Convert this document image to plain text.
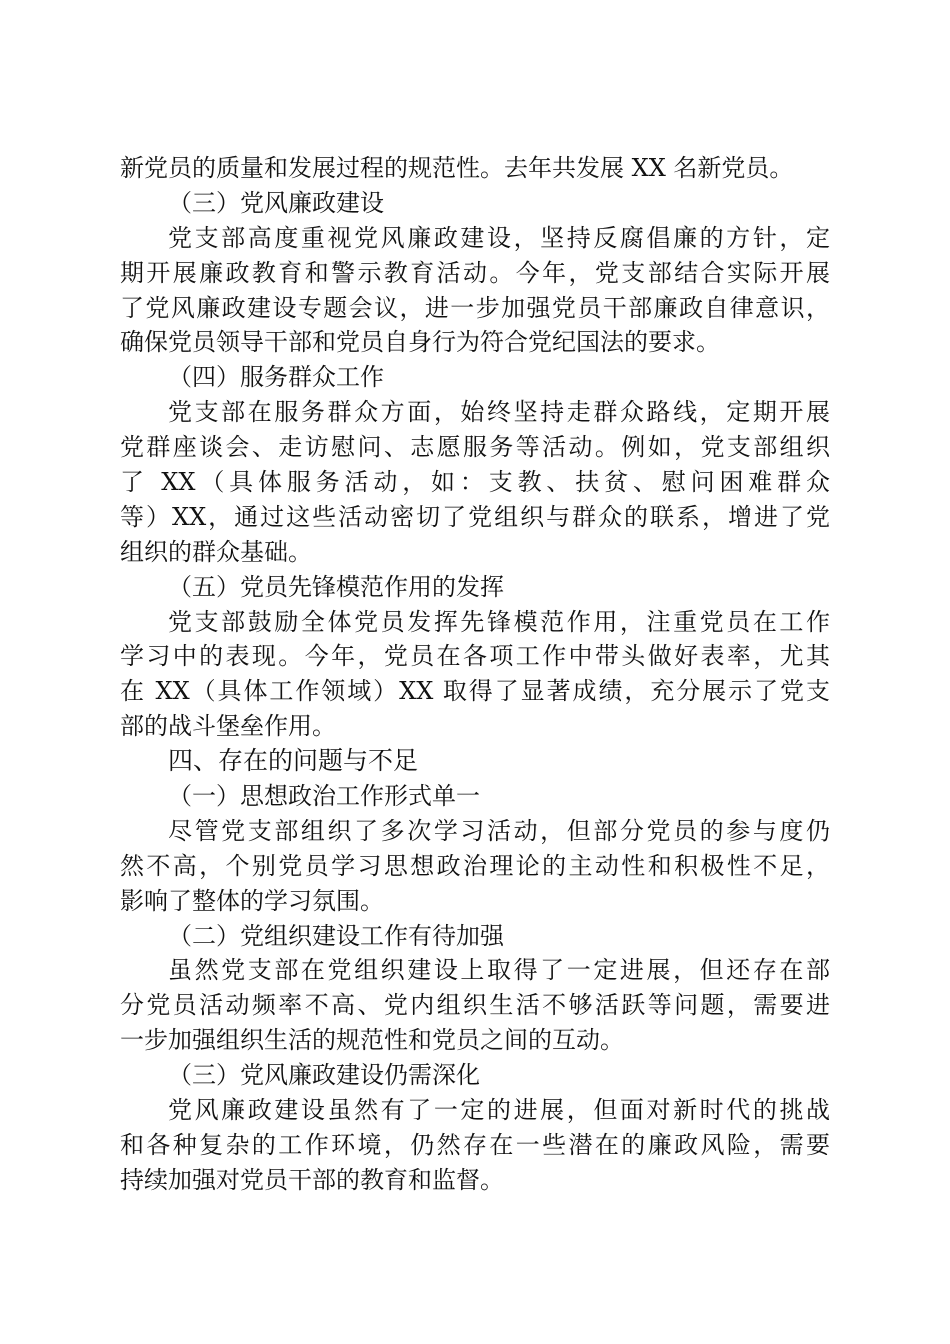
新党员的质量和发展过程的规范性。去年共发展 XX 名新党员。
（三）党风廉政建设
党支部高度重视党风廉政建设，坚持反腐倡廉的方针，定
期开展廉政教育和警示教育活动。今年，党支部结合实际开展
了党风廉政建设专题会议，进一步加强党员干部廉政自律意识，
确保党员领导干部和党员自身行为符合党纪国法的要求。
（四）服务群众工作
党支部在服务群众方面，始终坚持走群众路线，定期开展
党群座谈会、走访慰问、志愿服务等活动。例如，党支部组织
了 XX（具体服务活动，如：支教、扶贫、慰问困难群众
等）XX，通过这些活动密切了党组织与群众的联系，增进了党
组织的群众基础。
（五）党员先锋模范作用的发挥
党支部鼓励全体党员发挥先锋模范作用，注重党员在工作
学习中的表现。今年，党员在各项工作中带头做好表率，尤其
在 XX（具体工作领域）XX 取得了显著成绩，充分展示了党支
部的战斗堡垒作用。
四、存在的问题与不足
（一）思想政治工作形式单一
尽管党支部组织了多次学习活动，但部分党员的参与度仍
然不高，个别党员学习思想政治理论的主动性和积极性不足，
影响了整体的学习氛围。
（二）党组织建设工作有待加强
虽然党支部在党组织建设上取得了一定进展，但还存在部
分党员活动频率不高、党内组织生活不够活跃等问题，需要进
一步加强组织生活的规范性和党员之间的互动。
（三）党风廉政建设仍需深化
党风廉政建设虽然有了一定的进展，但面对新时代的挑战
和各种复杂的工作环境，仍然存在一些潜在的廉政风险，需要
持续加强对党员干部的教育和监督。
